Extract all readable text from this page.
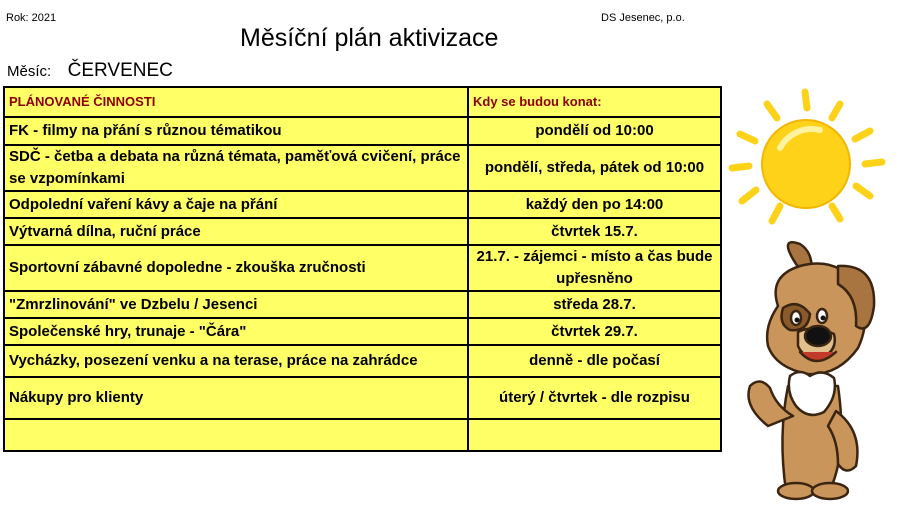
Rok: 2021	DS Jesenec, p.o.
Měsíční plán aktivizace
Měsíc: ČERVENEC
PLÁNOVANÉ ČINNOSTI	Kdy se budou konat:
FK - filmy na přání s různou tématikou	pondělí od 10:00
SDČ - četba a debata na různá témata, paměťová cvičení, práce se vzpomínkami	pondělí, středa, pátek od 10:00
Odpolední vaření kávy a čaje na přání	každý den po 14:00
Výtvarná dílna, ruční práce	čtvrtek 15.7.
Sportovní zábavné dopoledne - zkouška zručnosti	21.7. - zájemci - místo a čas bude upřesněno
"Zmrzlinování" ve Dzbelu / Jesenci	středa 28.7.
Společenské hry, trunaje - "Čára"	čtvrtek 29.7.
Vycházky, posezení venku a na terase, práce na zahrádce	denně - dle počasí
Nákupy pro klienty	úterý / čtvrtek - dle rozpisu
